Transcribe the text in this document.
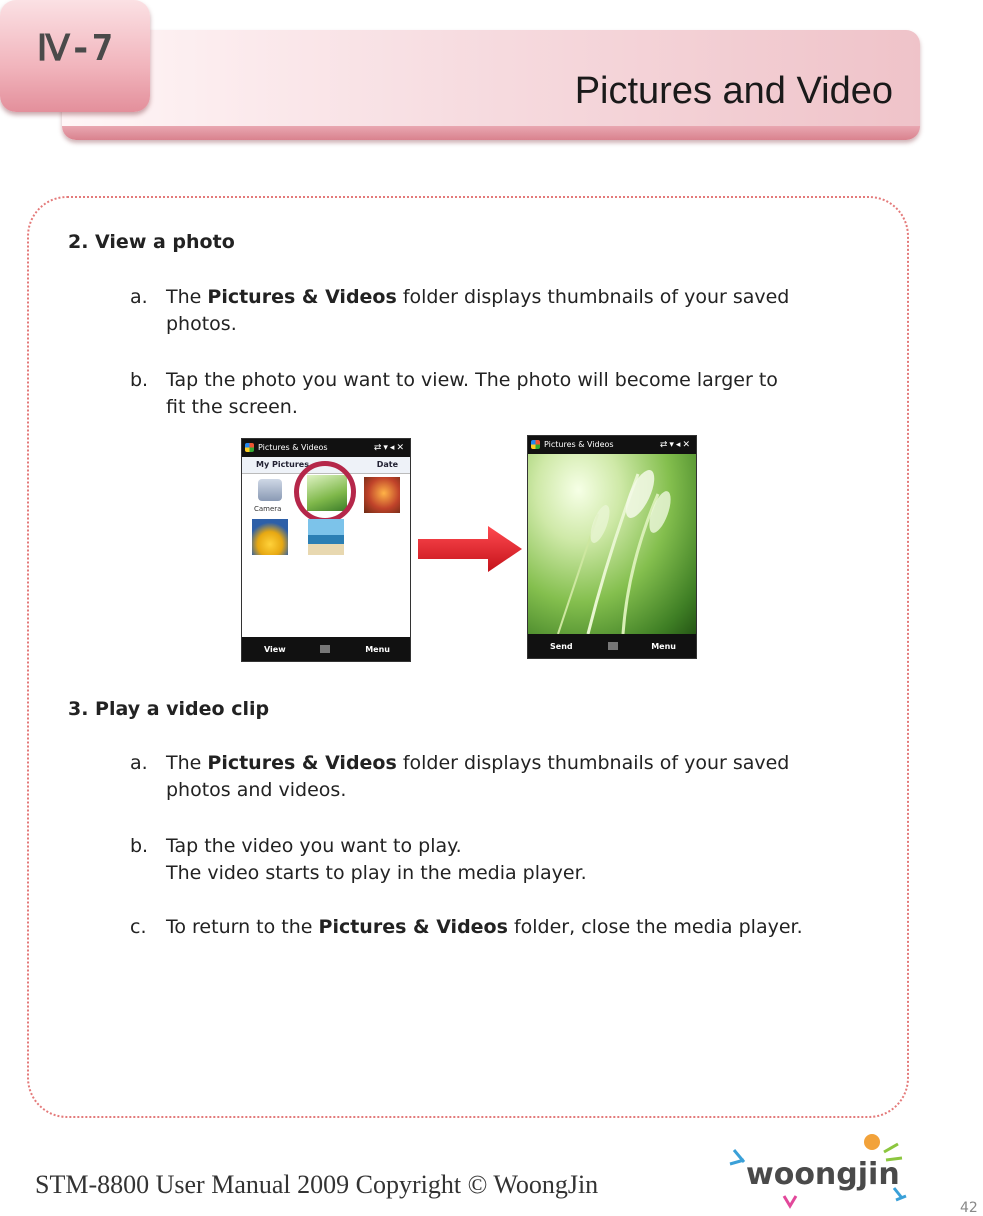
Pictures and Video
Ⅳ-7
2. View a photo
a. The Pictures & Videos folder displays thumbnails of your saved
photos.
b. Tap the photo you want to view. The photo will become larger to
fit the screen.
Pictures & Videos	⇄▾◂✕
My Pictures	Date
Camera
View	Menu
Pictures & Videos	⇄▾◂✕
Send	Menu
3. Play a video clip
a. The Pictures & Videos folder displays thumbnails of your saved
photos and videos.
b. Tap the video you want to play.
The video starts to play in the media player.
c. To return to the Pictures & Videos folder, close the media player.
STM-8800 User Manual 2009 Copyright © WoongJin	woongjin
42
